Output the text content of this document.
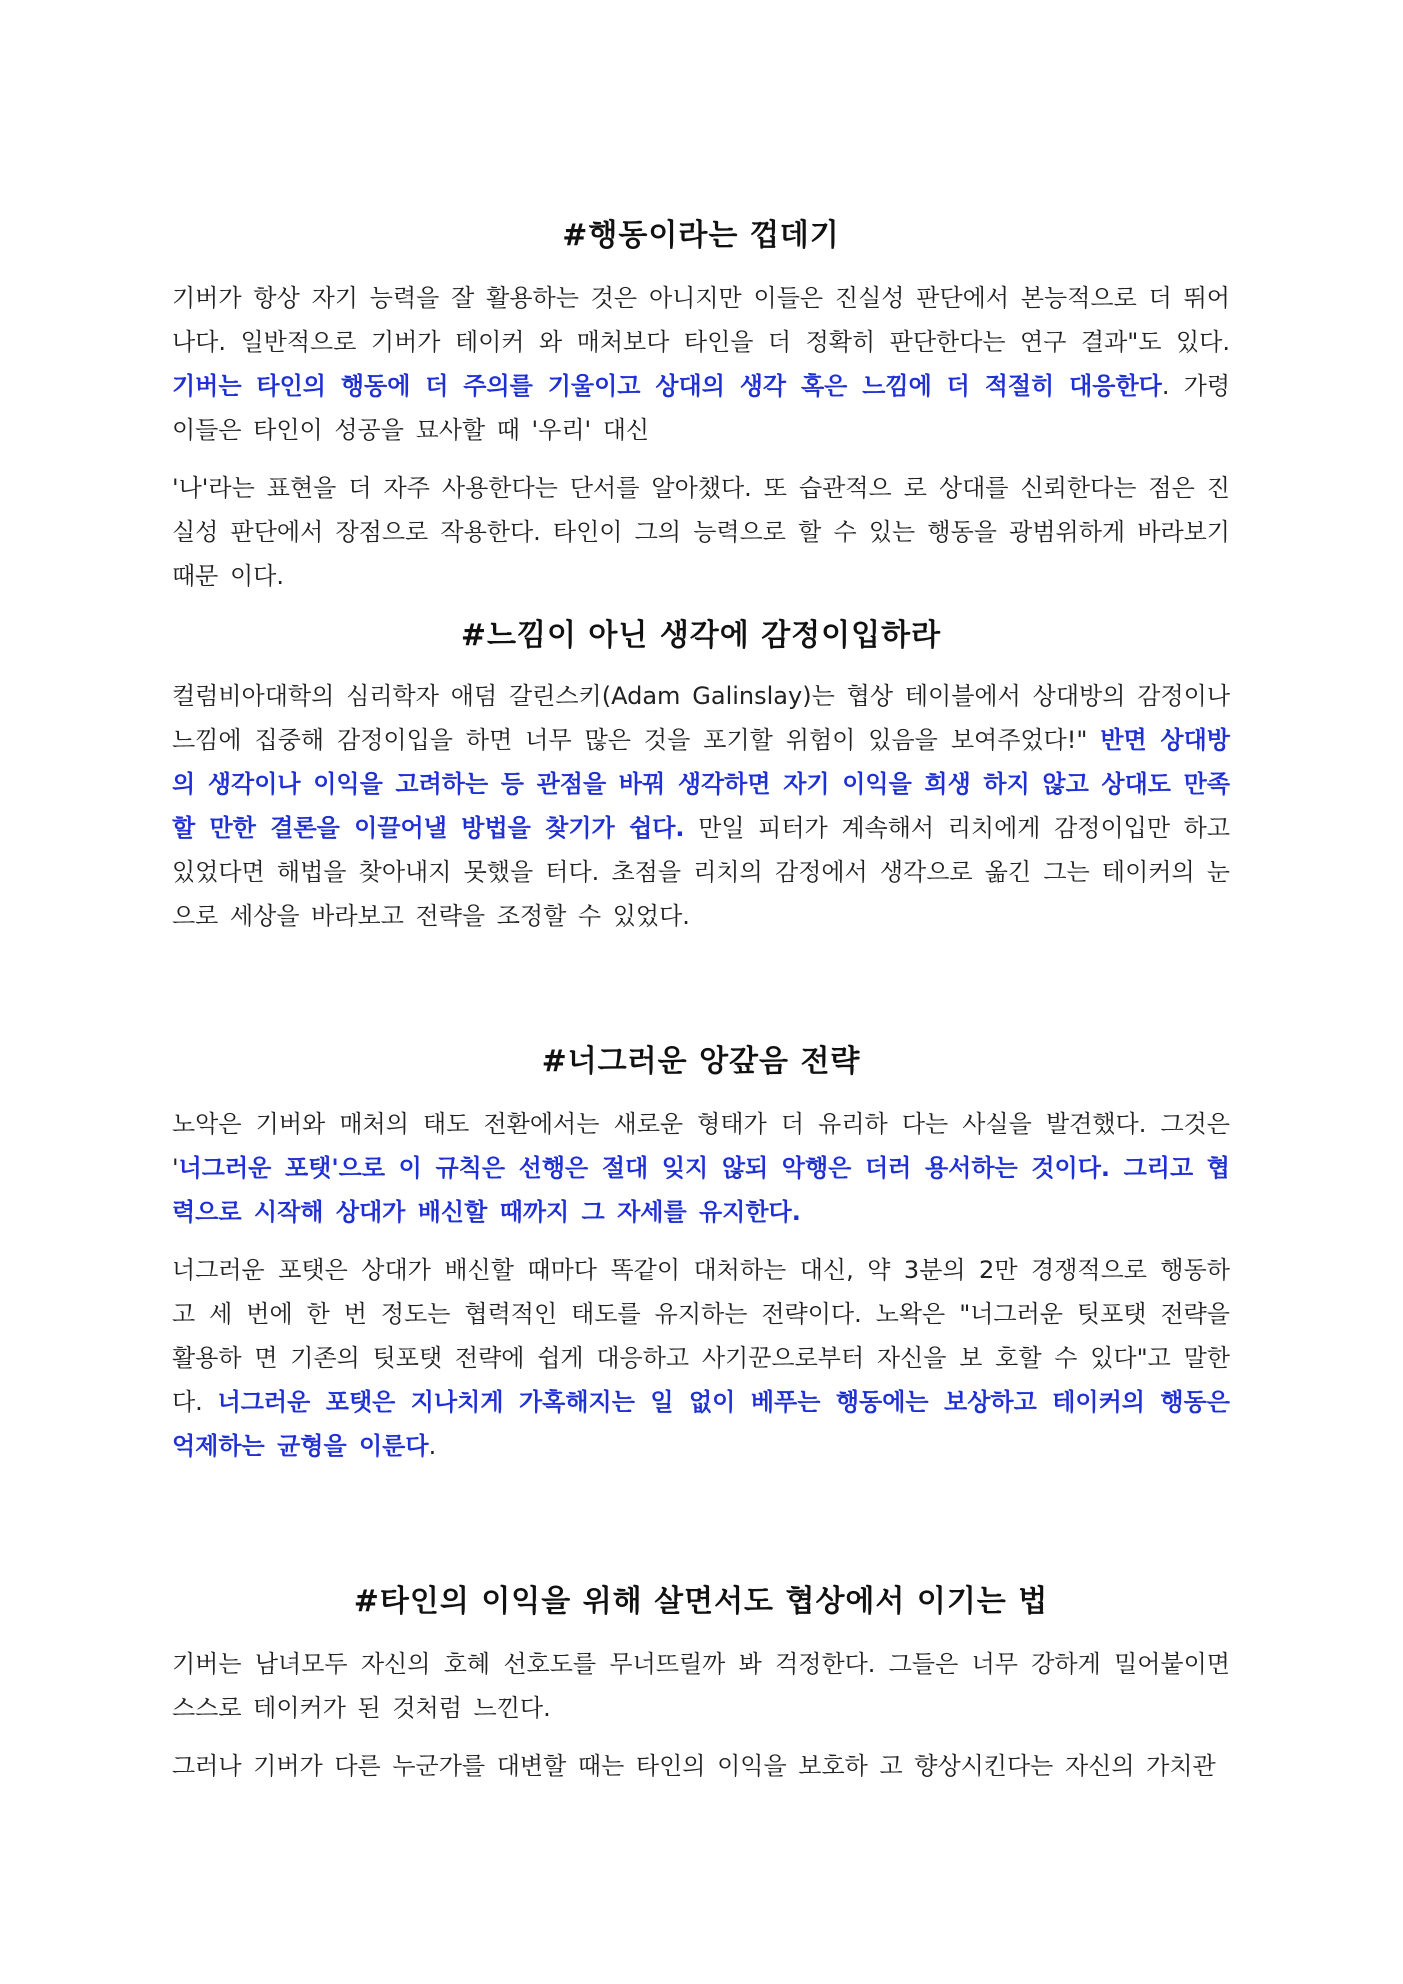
#행동이라는 껍데기

기버가 항상 자기 능력을 잘 활용하는 것은 아니지만 이들은 진실성 판단에서 본능적으로 더 뛰어나다. 일반적으로 기버가 테이커 와 매처보다 타인을 더 정확히 판단한다는 연구 결과"도 있다. 기버는 타인의 행동에 더 주의를 기울이고 상대의 생각 혹은 느낌에 더 적절히 대응한다. 가령 이들은 타인이 성공을 묘사할 때 '우리' 대신

'나'라는 표현을 더 자주 사용한다는 단서를 알아챘다. 또 습관적으 로 상대를 신뢰한다는 점은 진실성 판단에서 장점으로 작용한다. 타인이 그의 능력으로 할 수 있는 행동을 광범위하게 바라보기 때문 이다.

#느낌이 아닌 생각에 감정이입하라

컬럼비아대학의 심리학자 애덤 갈린스키(Adam Galinslay)는 협상 테이블에서 상대방의 감정이나 느낌에 집중해 감정이입을 하면 너무 많은 것을 포기할 위험이 있음을 보여주었다!" 반면 상대방의 생각이나 이익을 고려하는 등 관점을 바꿔 생각하면 자기 이익을 희생 하지 않고 상대도 만족할 만한 결론을 이끌어낼 방법을 찾기가 쉽다. 만일 피터가 계속해서 리치에게 감정이입만 하고 있었다면 해법을 찾아내지 못했을 터다. 초점을 리치의 감정에서 생각으로 옮긴 그는 테이커의 눈으로 세상을 바라보고 전략을 조정할 수 있었다.

#너그러운 앙갚음 전략

노악은 기버와 매처의 태도 전환에서는 새로운 형태가 더 유리하 다는 사실을 발견했다. 그것은 '너그러운 포탯'으로 이 규칙은 선행은 절대 잊지 않되 악행은 더러 용서하는 것이다. 그리고 협력으로 시작해 상대가 배신할 때까지 그 자세를 유지한다.

너그러운 포탯은 상대가 배신할 때마다 똑같이 대처하는 대신, 약 3분의 2만 경쟁적으로 행동하고 세 번에 한 번 정도는 협력적인 태도를 유지하는 전략이다. 노왁은 "너그러운 팃포탯 전략을 활용하 면 기존의 팃포탯 전략에 쉽게 대응하고 사기꾼으로부터 자신을 보 호할 수 있다"고 말한다. 너그러운 포탯은 지나치게 가혹해지는 일 없이 베푸는 행동에는 보상하고 테이커의 행동은 억제하는 균형을 이룬다.

#타인의 이익을 위해 살면서도 협상에서 이기는 법

기버는 남녀모두 자신의 호혜 선호도를 무너뜨릴까 봐 걱정한다. 그들은 너무 강하게 밀어붙이면 스스로 테이커가 된 것처럼 느낀다.

그러나 기버가 다른 누군가를 대변할 때는 타인의 이익을 보호하 고 향상시킨다는 자신의 가치관
